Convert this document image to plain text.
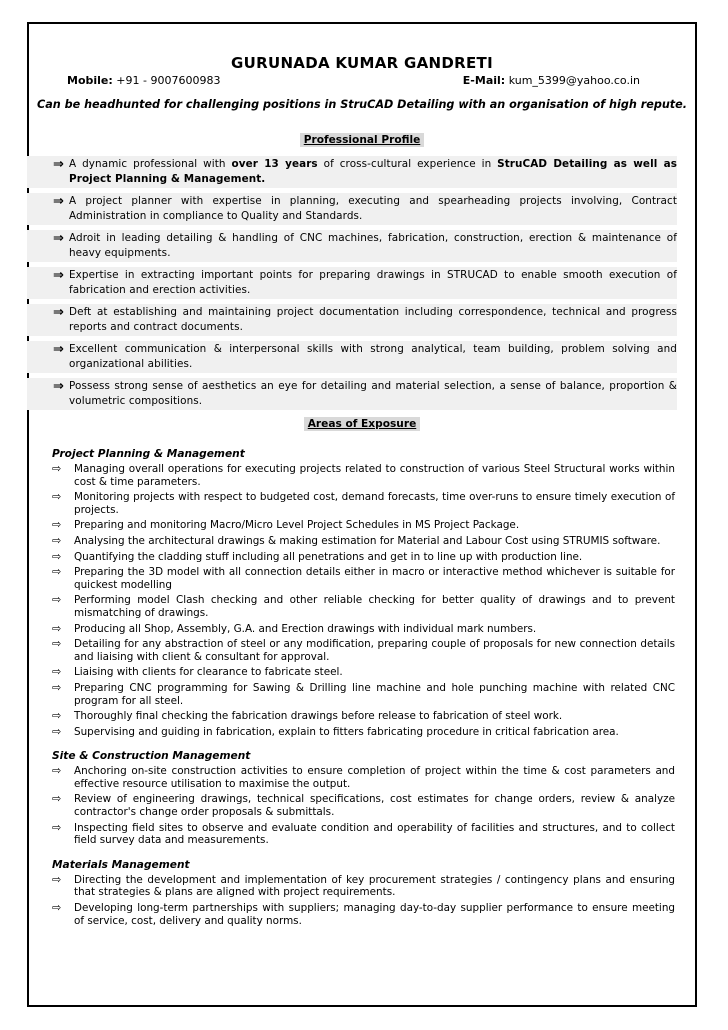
GURUNADA KUMAR GANDRETI
Mobile: +91 - 9007600983	E-Mail: kum_5399@yahoo.co.in
Can be headhunted for challenging positions in StruCAD Detailing with an organisation of high repute.
Professional Profile
Areas of Exposure
⇒ A dynamic professional with over 13 years of cross-cultural experience in StruCAD Detailing as well as Project Planning & Management.
⇒ A project planner with expertise in planning, executing and spearheading projects involving, Contract Administration in compliance to Quality and Standards.
⇒ Adroit in leading detailing & handling of CNC machines, fabrication, construction, erection & maintenance of heavy equipments.
⇒ Expertise in extracting important points for preparing drawings in STRUCAD to enable smooth execution of fabrication and erection activities.
⇒ Deft at establishing and maintaining project documentation including correspondence, technical and progress reports and contract documents.
⇒ Excellent communication & interpersonal skills with strong analytical, team building, problem solving and organizational abilities.
⇒ Possess strong sense of aesthetics an eye for detailing and material selection, a sense of balance, proportion & volumetric compositions.
Project Planning & Management
⇨ Managing overall operations for executing projects related to construction of various Steel Structural works within cost & time parameters.
⇨ Monitoring projects with respect to budgeted cost, demand forecasts, time over-runs to ensure timely execution of projects.
⇨ Preparing and monitoring Macro/Micro Level Project Schedules in MS Project Package.
⇨ Analysing the architectural drawings & making estimation for Material and Labour Cost using STRUMIS software.
⇨ Quantifying the cladding stuff including all penetrations and get in to line up with production line.
⇨ Preparing the 3D model with all connection details either in macro or interactive method whichever is suitable for quickest modelling
⇨ Performing model Clash checking and other reliable checking for better quality of drawings and to prevent mismatching of drawings.
⇨ Producing all Shop, Assembly, G.A. and Erection drawings with individual mark numbers.
⇨ Detailing for any abstraction of steel or any modification, preparing couple of proposals for new connection details and liaising with client & consultant for approval.
⇨ Liaising with clients for clearance to fabricate steel.
⇨ Preparing CNC programming for Sawing & Drilling line machine and hole punching machine with related CNC program for all steel.
⇨ Thoroughly final checking the fabrication drawings before release to fabrication of steel work.
⇨ Supervising and guiding in fabrication, explain to fitters fabricating procedure in critical fabrication area.
Site & Construction Management
⇨ Anchoring on-site construction activities to ensure completion of project within the time & cost parameters and effective resource utilisation to maximise the output.
⇨ Review of engineering drawings, technical specifications, cost estimates for change orders, review & analyze contractor's change order proposals & submittals.
⇨ Inspecting field sites to observe and evaluate condition and operability of facilities and structures, and to collect field survey data and measurements.
Materials Management
⇨ Directing the development and implementation of key procurement strategies / contingency plans and ensuring that strategies & plans are aligned with project requirements.
⇨ Developing long-term partnerships with suppliers; managing day-to-day supplier performance to ensure meeting of service, cost, delivery and quality norms.
